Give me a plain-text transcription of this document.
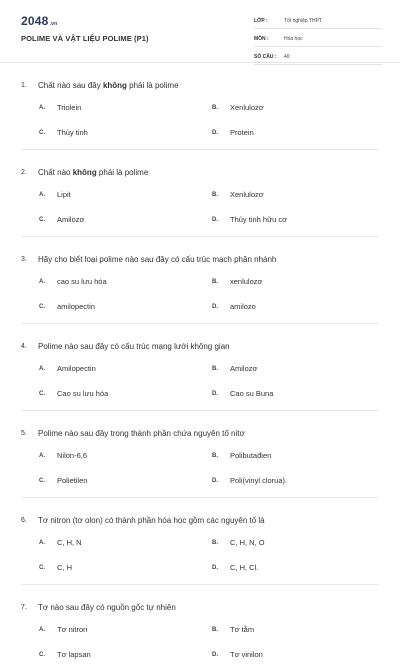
2048.vn
POLIME VÀ VẬT LIỆU POLIME (P1)
LỚP :	Tốt nghiệp THPT
MÔN :	Hóa học
SỐ CÂU :	40
1.	Chất nào sau đây không phải là polime
A.	Triolein	B.	Xenlulozơ
C.	Thủy tinh	D.	Protein
2.	Chất nào không phải là polime
A.	Lipit	B.	Xenlulozơ
C.	Amilozơ	D.	Thủy tinh hữu cơ
3.	Hãy cho biết loại polime nào sau đây có cấu trúc mạch phân nhánh
A.	cao su lưu hóa	B.	xenlulozơ
C.	amilopectin	D.	amilozo
4.	Polime nào sau đây có cấu trúc mạng lưới không gian
A.	Amilopectin	B.	Amilozơ
C.	Cao su lưu hóa	D.	Cao su Buna
5.	Polime nào sau đây trong thành phần chứa nguyên tố nitơ
A.	Nilon-6,6	B.	Polibutađien
C.	Polietilen	D.	Poli(vinyl clorua).
6.	Tơ nitron (tơ olon) có thành phần hóa học gồm các nguyên tố là
A.	C, H, N	B.	C, H, N, O
C.	C, H	D.	C, H, Cl.
7.	Tơ nào sau đây có nguồn gốc tự nhiên
A.	Tơ nitron	B.	Tơ tằm
C.	Tơ lapsan	D.	Tơ vinilon
